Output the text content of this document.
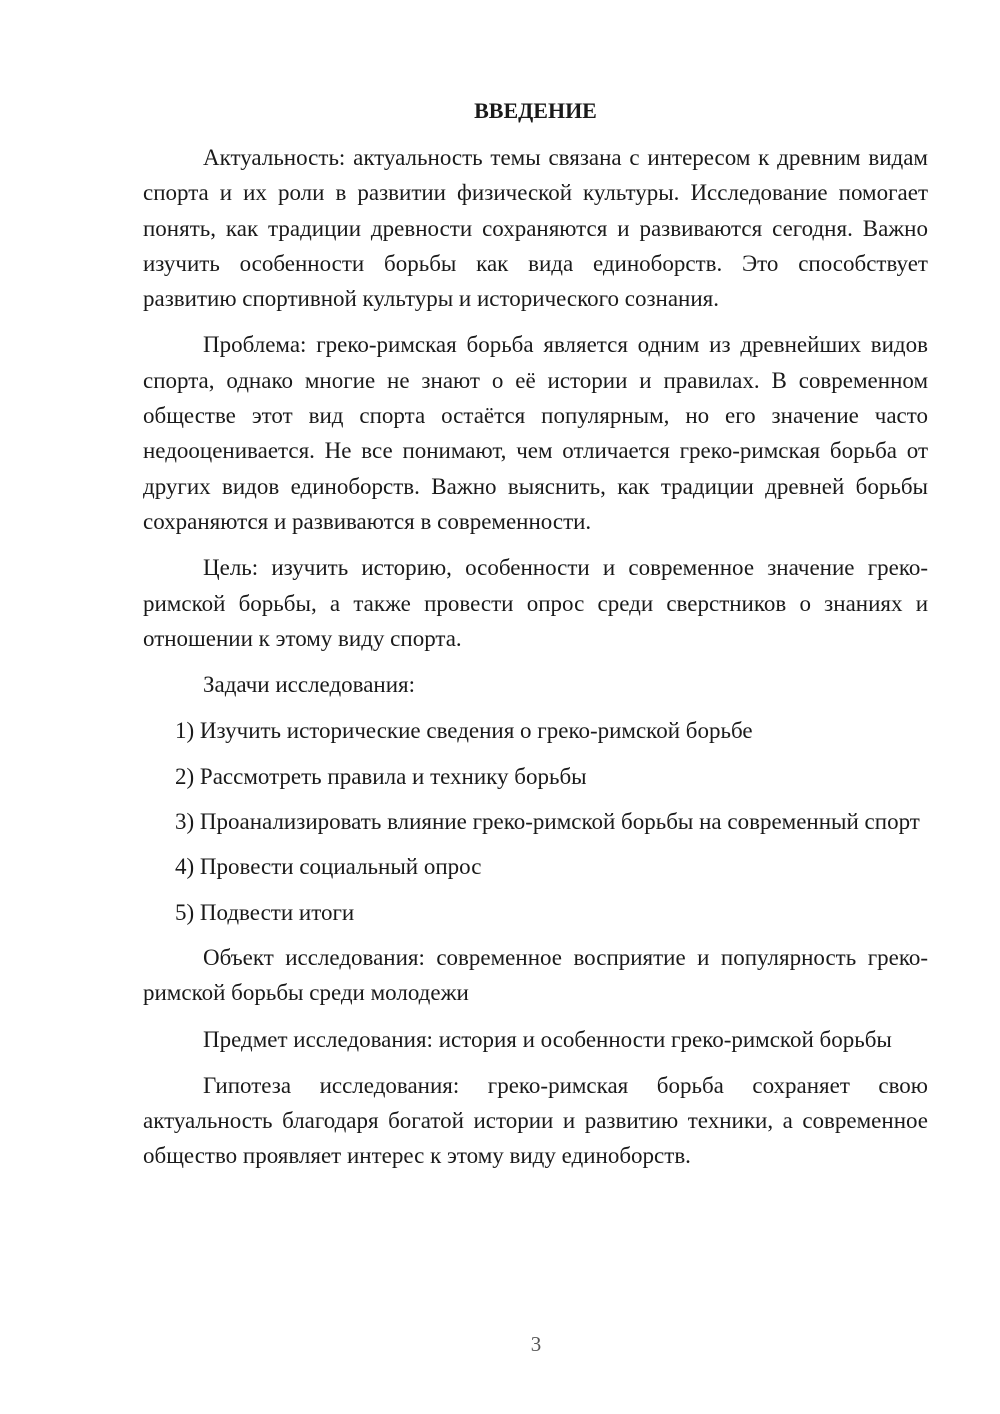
ВВЕДЕНИЕ

Актуальность: актуальность темы связана с интересом к древним видам спорта и их роли в развитии физической культуры. Исследование помогает понять, как традиции древности сохраняются и развиваются сегодня. Важно изучить особенности борьбы как вида единоборств. Это способствует развитию спортивной культуры и исторического сознания.

Проблема: греко-римская борьба является одним из древнейших видов спорта, однако многие не знают о её истории и правилах. В современном обществе этот вид спорта остаётся популярным, но его значение часто недооценивается. Не все понимают, чем отличается греко-римская борьба от других видов единоборств. Важно выяснить, как традиции древней борьбы сохраняются и развиваются в современности.

Цель: изучить историю, особенности и современное значение греко-римской борьбы, а также провести опрос среди сверстников о знаниях и отношении к этому виду спорта.

Задачи исследования:

1) Изучить исторические сведения о греко-римской борьбе

2) Рассмотреть правила и технику борьбы

3) Проанализировать влияние греко-римской борьбы на современный спорт

4) Провести социальный опрос

5) Подвести итоги

Объект исследования: современное восприятие и популярность греко-римской борьбы среди молодежи

Предмет исследования: история и особенности греко-римской борьбы

Гипотеза исследования: греко-римская борьба сохраняет свою актуальность благодаря богатой истории и развитию техники, а современное общество проявляет интерес к этому виду единоборств.

3
